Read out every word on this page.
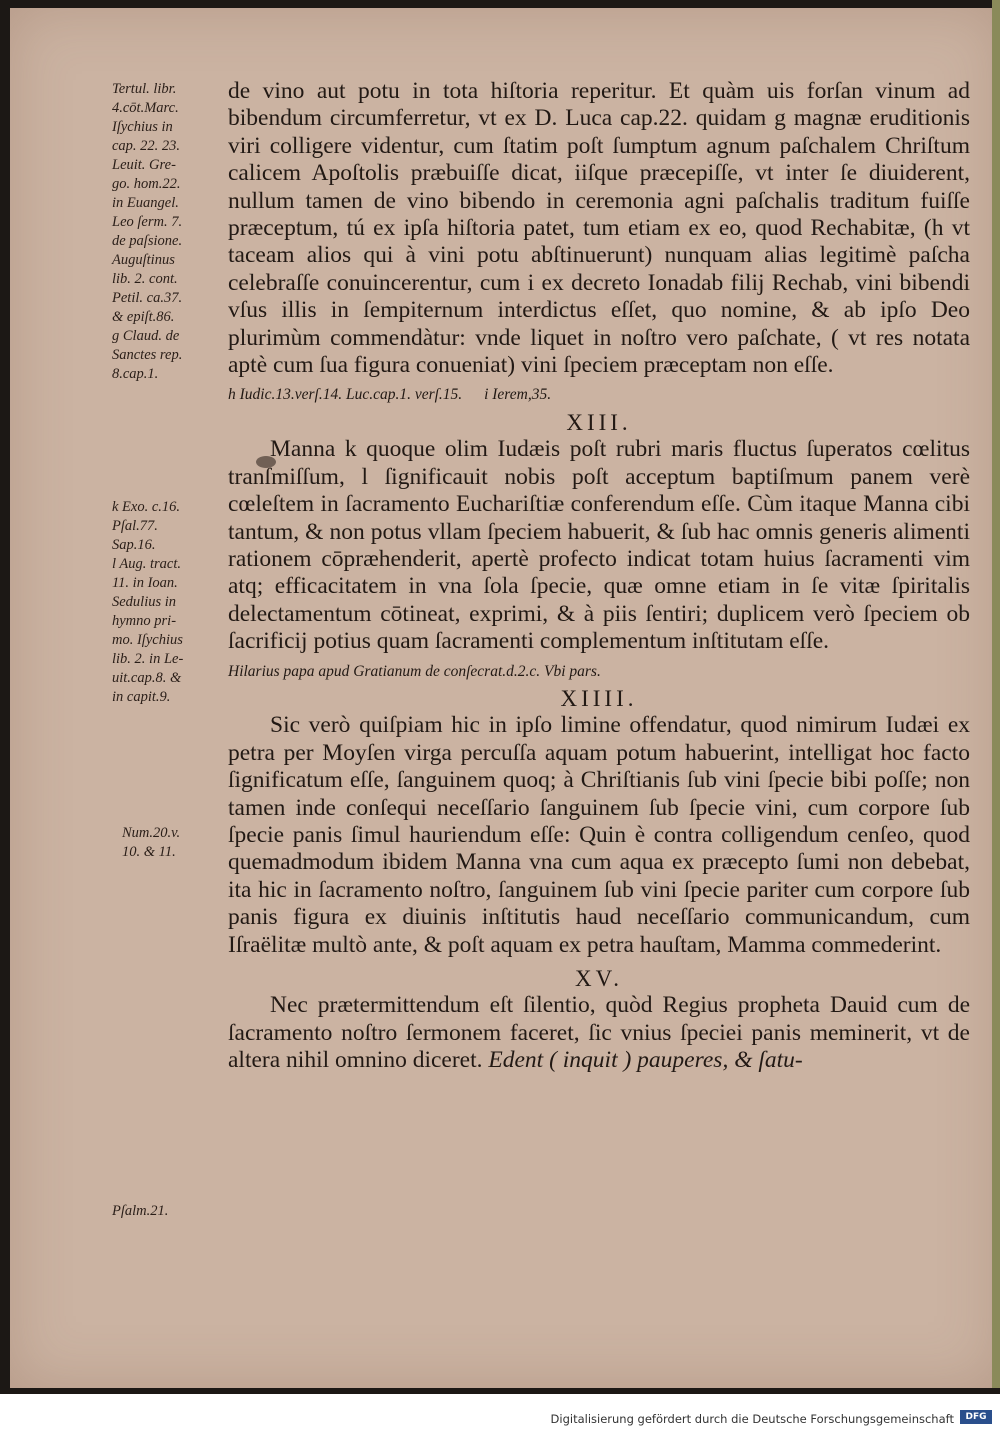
Tertul. libr.
4.cōt.Marc.
Iſychius in
cap. 22. 23.
Leuit. Gre-
go. hom.22.
in Euangel.
Leo ſerm. 7.
de paſsione.
Auguſtinus
lib. 2. cont.
Petil. ca.37.
& epiſt.86.
g Claud. de
Sanctes rep.
8.cap.1.

k Exo. c.16.
Pſal.77.
Sap.16.
l Aug. tract.
11. in Ioan.
Sedulius in
hymno pri-
mo. Iſychius
lib. 2. in Le-
uit.cap.8. &
in capit.9.

Num.20.v.
10. & 11.

Pſalm.21.

de vino aut potu in tota hiſtoria reperitur. Et quàm uis forſan vinum ad bibendum circumferretur, vt ex D. Luca cap.22. quidam g magnæ eruditionis viri colligere videntur, cum ſtatim poſt ſumptum agnum paſchalem Chriſtum calicem Apoſtolis præbuiſſe dicat, iiſque præcepiſſe, vt inter ſe diuiderent, nullum tamen de vino bibendo in ceremonia agni paſchalis traditum fuiſſe præceptum, tú ex ipſa hiſtoria patet, tum etiam ex eo, quod Rechabitæ, (h vt taceam alios qui à vini potu abſtinuerunt) nunquam alias legitimè paſcha celebraſſe conuincerentur, cum i ex decreto Ionadab filij Rechab, vini bibendi vſus illis in ſempiternum interdictus eſſet, quo nomine, & ab ipſo Deo plurimùm commendàtur: vnde liquet in noſtro vero paſchate, ( vt res notata aptè cum ſua figura conueniat) vini ſpeciem præceptam non eſſe.

h Iudic.13.verſ.14. Luc.cap.1. verſ.15. i Ierem,35.

XIII.

Manna k quoque olim Iudæis poſt rubri maris fluctus ſuperatos cœlitus tranſmiſſum, l ſignificauit nobis poſt acceptum baptiſmum panem verè cœleſtem in ſacramento Euchariſtiæ conferendum eſſe. Cùm itaque Manna cibi tantum, & non potus vllam ſpeciem habuerit, & ſub hac omnis generis alimenti rationem cōpræhenderit, apertè profecto indicat totam huius ſacramenti vim atq; efficacitatem in vna ſola ſpecie, quæ omne etiam in ſe vitæ ſpiritalis delectamentum cōtineat, exprimi, & à piis ſentiri; duplicem verò ſpeciem ob ſacrificij potius quam ſacramenti complementum inſtitutam eſſe.

Hilarius papa apud Gratianum de conſecrat.d.2.c. Vbi pars.

XIIII.

Sic verò quiſpiam hic in ipſo limine offendatur, quod nimirum Iudæi ex petra per Moyſen virga percuſſa aquam potum habuerint, intelligat hoc facto ſignificatum eſſe, ſanguinem quoq; à Chriſtianis ſub vini ſpecie bibi poſſe; non tamen inde conſequi neceſſario ſanguinem ſub ſpecie vini, cum corpore ſub ſpecie panis ſimul hauriendum eſſe: Quin è contra colligendum cenſeo, quod quemadmodum ibidem Manna vna cum aqua ex præcepto ſumi non debebat, ita hic in ſacramento noſtro, ſanguinem ſub vini ſpecie pariter cum corpore ſub panis figura ex diuinis inſtitutis haud neceſſario communicandum, cum Iſraëlitæ multò ante, & poſt aquam ex petra hauſtam, Mamma commederint.

XV.

Nec prætermittendum eſt ſilentio, quòd Regius propheta Dauid cum de ſacramento noſtro ſermonem faceret, ſic vnius ſpeciei panis meminerit, vt de altera nihil omnino diceret. Edent ( inquit ) pauperes, & ſatu-

Digitalisierung gefördert durch die Deutsche Forschungsgemeinschaft	DFG
